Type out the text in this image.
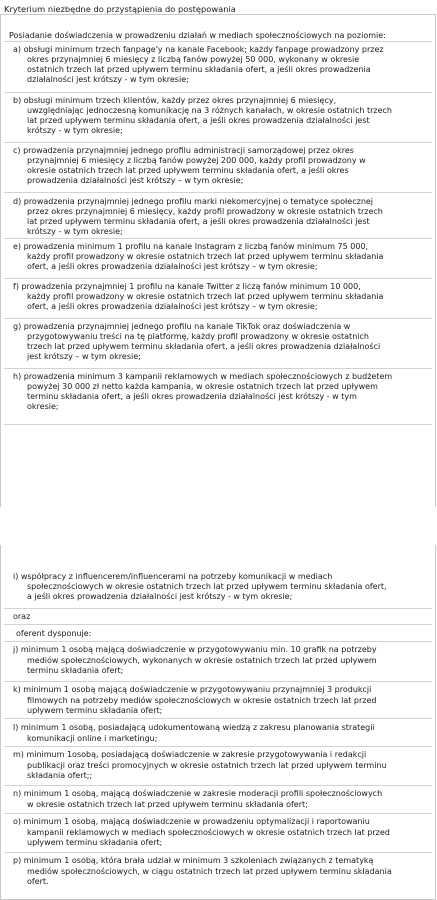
Kryterium niezbędne do przystąpienia do postępowania
Posiadanie doświadczenia w prowadzeniu działań w mediach społecznościowych na poziomie:
a) obsługi minimum trzech fanpage'y na kanale Facebook; każdy fanpage prowadzony przez
okres przynajmniej 6 miesięcy z liczbą fanów powyżej 50 000, wykonany w okresie
ostatnich trzech lat przed upływem terminu składania ofert, a jeśli okres prowadzenia
działalności jest krótszy - w tym okresie;
b) obsługi minimum trzech klientów, każdy przez okres przynajmniej 6 miesięcy,
uwzględniając jednoczesną komunikację na 3 różnych kanałach, w okresie ostatnich trzech
lat przed upływem terminu składania ofert, a jeśli okres prowadzenia działalności jest
krótszy - w tym okresie;
c) prowadzenia przynajmniej jednego profilu administracji samorządowej przez okres
przynajmniej 6 miesięcy z liczbą fanów powyżej 200 000, każdy profil prowadzony w
okresie ostatnich trzech lat przed upływem terminu składania ofert, a jeśli okres
prowadzenia działalności jest krótszy – w tym okresie;
d) prowadzenia przynajmniej jednego profilu marki niekomercyjnej o tematyce społecznej
przez okres przynajmniej 6 miesięcy, każdy profil prowadzony w okresie ostatnich trzech
lat przed upływem terminu składania ofert, a jeśli okres prowadzenia działalności jest
krótszy - w tym okresie;
e) prowadzenia minimum 1 profilu na kanale Instagram z liczbą fanów minimum 75 000,
każdy profil prowadzony w okresie ostatnich trzech lat przed upływem terminu składania
ofert, a jeśli okres prowadzenia działalności jest krótszy – w tym okresie;
f) prowadzenia przynajmniej 1 profilu na kanale Twitter z liczą fanów minimum 10 000,
każdy profil prowadzony w okresie ostatnich trzech lat przed upływem terminu składania
ofert, a jeśli okres prowadzenia działalności jest krótszy – w tym okresie;
g) prowadzenia przynajmniej jednego profilu na kanale TikTok oraz doświadczenia w
przygotowywaniu treści na tę platformę, każdy profil prowadzony w okresie ostatnich
trzech lat przed upływem terminu składania ofert, a jeśli okres prowadzenia działalności
jest krótszy – w tym okresie;
h) prowadzenia minimum 3 kampanii reklamowych w mediach społecznościowych z budżetem
powyżej 30 000 zł netto każda kampania, w okresie ostatnich trzech lat przed upływem
terminu składania ofert, a jeśli okres prowadzenia działalności jest krótszy - w tym
okresie;
i) współpracy z influencerem/influencerami na potrzeby komunikacji w mediach
społecznościowych w okresie ostatnich trzech lat przed upływem terminu składania ofert,
a jeśli okres prowadzenia działalności jest krótszy - w tym okresie;
oraz
oferent dysponuje:
j) minimum 1 osobą mającą doświadczenie w przygotowywaniu min. 10 grafik na potrzeby
mediów społecznościowych, wykonanych w okresie ostatnich trzech lat przed upływem
terminu składania ofert;
k) minimum 1 osobą mającą doświadczenie w przygotowywaniu przynajmniej 3 produkcji
filmowych na potrzeby mediów społecznościowych w okresie ostatnich trzech lat przed
upływem terminu składania ofert;
l) minimum 1 osobą, posiadającą udokumentowaną wiedzą z zakresu planowania strategii
komunikacji online i marketingu;
m) minimum 1osobą, posiadającą doświadczenie w zakresie przygotowywania i redakcji
publikacji oraz treści promocyjnych w okresie ostatnich trzech lat przed upływem terminu
składania ofert;;
n) minimum 1 osobą, mającą doświadczenie w zakresie moderacji profili społecznościowych
w okresie ostatnich trzech lat przed upływem terminu składania ofert;
o) minimum 1 osobą, mającą doświadczenie w prowadzeniu optymalizacji i raportowaniu
kampanii reklamowych w mediach społecznościowych w okresie ostatnich trzech lat przed
upływem terminu składania ofert;
p) minimum 1 osobą, która brała udział w minimum 3 szkoleniach związanych z tematyką
mediów społecznościowych, w ciągu ostatnich trzech lat przed upływem terminu składania
ofert.
